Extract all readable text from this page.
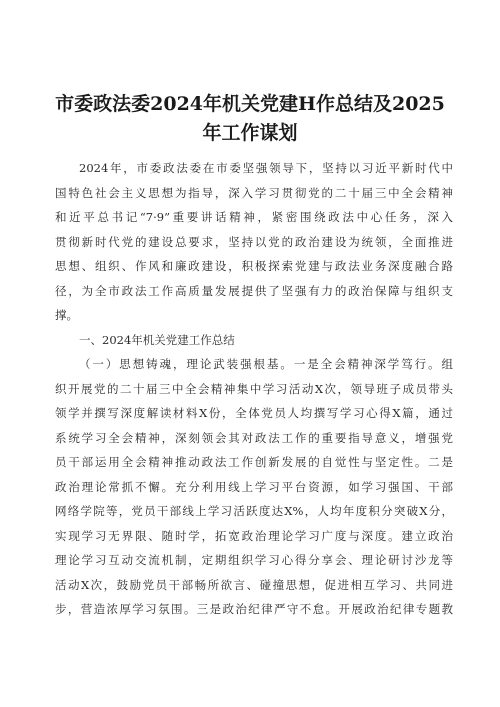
市委政法委2024年机关党建H作总结及2025
年工作谋划
2024年，市委政法委在市委坚强领导下，坚持以习近平新时代中
国特色社会主义思想为指导，深入学习贯彻党的二十届三中全会精神
和近平总书记“7·9”重要讲话精神，紧密围绕政法中心任务，深入
贯彻新时代党的建设总要求，坚持以党的政治建设为统领，全面推进
思想、组织、作风和廉政建设，积极探索党建与政法业务深度融合路
径，为全市政法工作高质量发展提供了坚强有力的政治保障与组织支
撑。
一、2024年机关党建工作总结
（一）思想铸魂，理论武装强根基。一是全会精神深学笃行。组
织开展党的二十届三中全会精神集中学习活动X次，领导班子成员带头
领学并撰写深度解读材料X份，全体党员人均撰写学习心得X篇，通过
系统学习全会精神，深刻领会其对政法工作的重要指导意义，增强党
员干部运用全会精神推动政法工作创新发展的自觉性与坚定性。二是
政治理论常抓不懈。充分利用线上学习平台资源，如学习强国、干部
网络学院等，党员干部线上学习活跃度达X%，人均年度积分突破X分，
实现学习无界限、随时学，拓宽政治理论学习广度与深度。建立政治
理论学习互动交流机制，定期组织学习心得分享会、理论研讨沙龙等
活动X次，鼓励党员干部畅所欲言、碰撞思想，促进相互学习、共同进
步，营造浓厚学习氛围。三是政治纪律严守不怠。开展政治纪律专题教
